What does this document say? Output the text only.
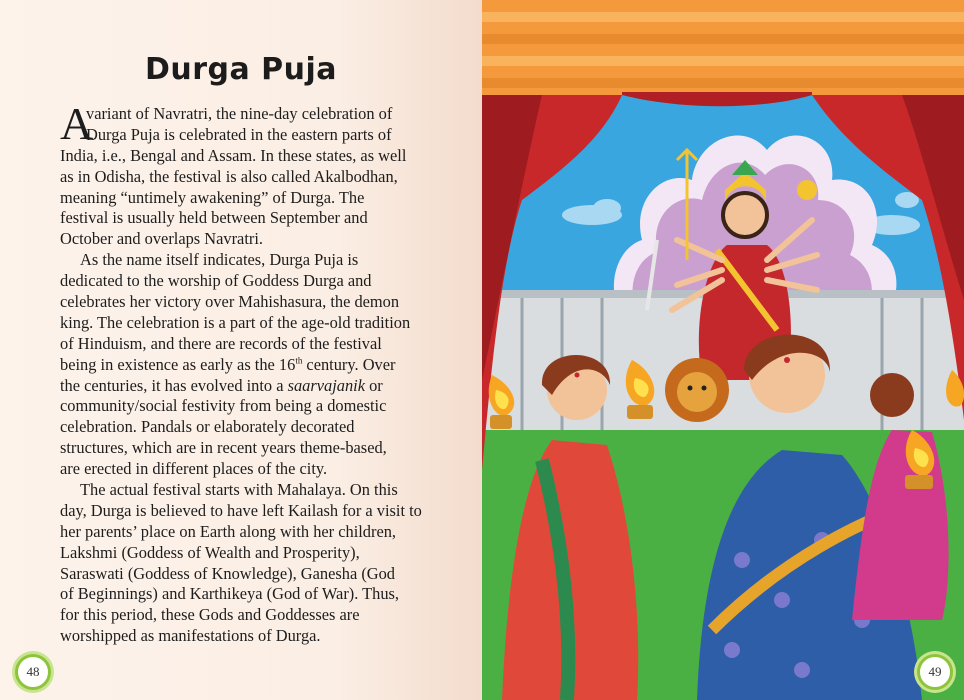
Durga Puja
A
variant of Navratri, the nine-day celebration of
Durga Puja is celebrated in the eastern parts of
India, i.e., Bengal and Assam. In these states, as well
as in Odisha, the festival is also called Akalbodhan,
meaning “untimely awakening” of Durga. The
festival is usually held between September and
October and overlaps Navratri.
As the name itself indicates, Durga Puja is
dedicated to the worship of Goddess Durga and
celebrates her victory over Mahishasura, the demon
king. The celebration is a part of the age-old tradition
of Hinduism, and there are records of the festival
being in existence as early as the 16th century. Over
the centuries, it has evolved into a saarvajanik or
community/social festivity from being a domestic
celebration. Pandals or elaborately decorated
structures, which are in recent years theme-based,
are erected in different places of the city.
The actual festival starts with Mahalaya. On this
day, Durga is believed to have left Kailash for a visit to
her parents’ place on Earth along with her children,
Lakshmi (Goddess of Wealth and Prosperity),
Saraswati (Goddess of Knowledge), Ganesha (God
of Beginnings) and Karthikeya (God of War). Thus,
for this period, these Gods and Goddesses are
worshipped as manifestations of Durga.
48	49
